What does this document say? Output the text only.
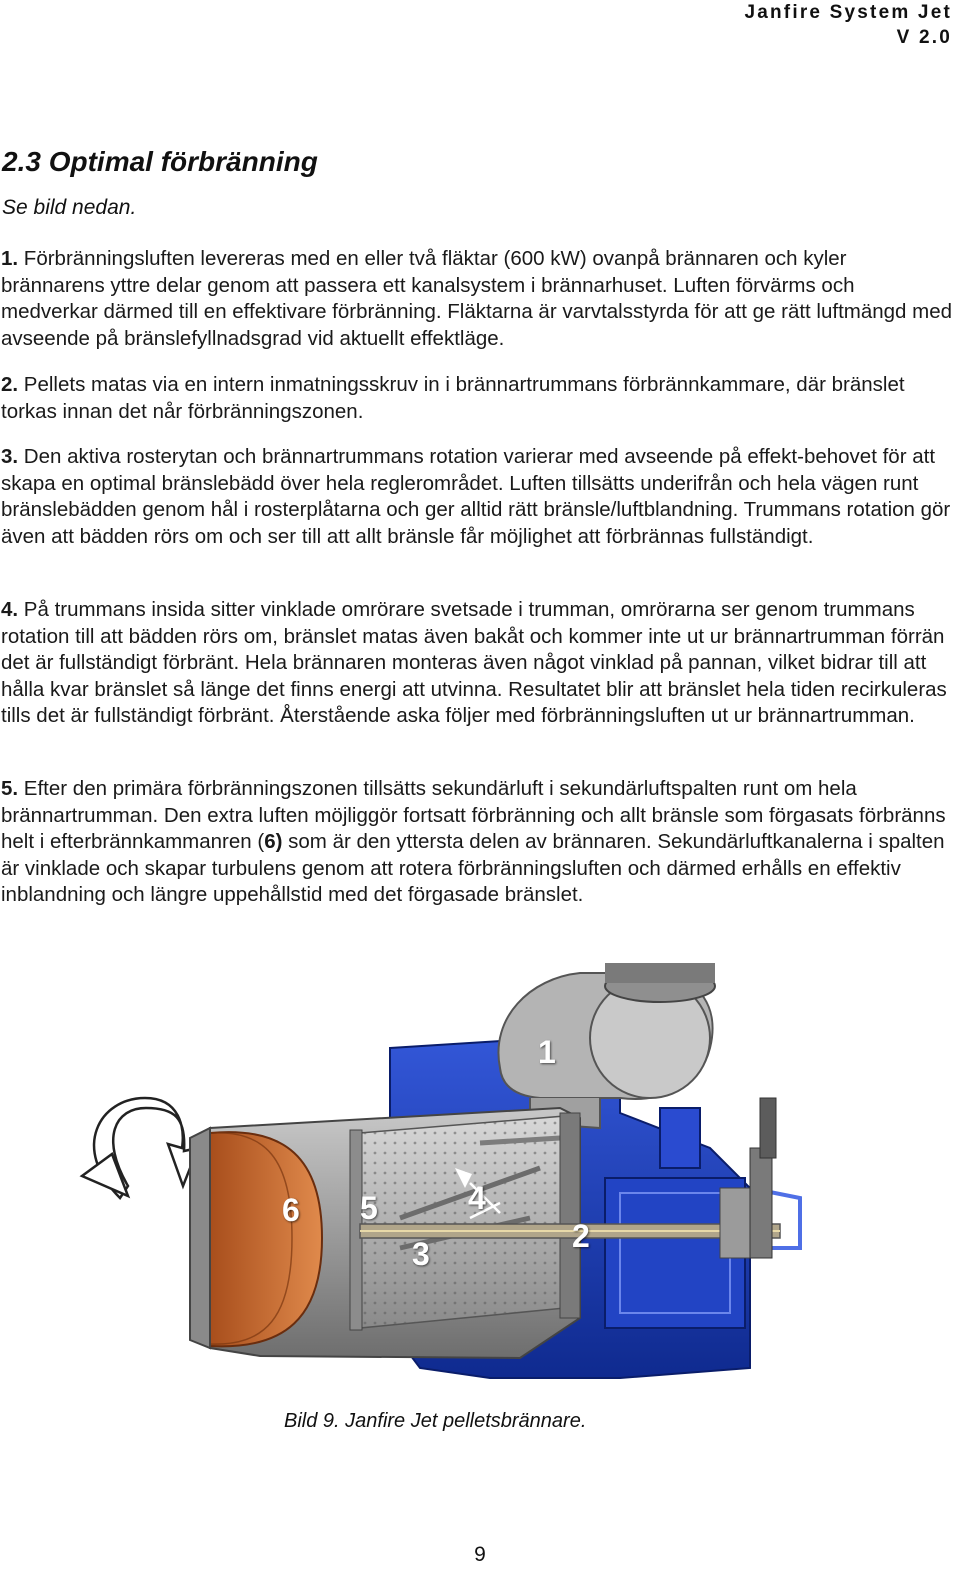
Janfire System Jet
V 2.0
2.3 Optimal förbränning

Se bild nedan.

1. Förbränningsluften levereras med en eller två fläktar (600 kW) ovanpå brännaren och kyler brännarens yttre delar genom att passera ett kanalsystem i brännarhuset. Luften förvärms och medverkar därmed till en effektivare förbränning. Fläktarna är varvtalsstyrda för att ge rätt luftmängd med avseende på bränslefyllnadsgrad vid aktuellt effektläge.

2. Pellets matas via en intern inmatningsskruv in i brännartrummans förbrännkammare, där bränslet torkas innan det når förbränningszonen.

3. Den aktiva rosterytan och brännartrummans rotation varierar med avseende på effekt-behovet för att skapa en optimal bränslebädd över hela reglerområdet. Luften tillsätts underifrån och hela vägen runt bränslebädden genom hål i rosterplåtarna och ger alltid rätt bränsle/luftblandning. Trummans rotation gör även att bädden rörs om och ser till att allt bränsle får möjlighet att förbrännas fullständigt.

4. På trummans insida sitter vinklade omrörare svetsade i trumman, omrörarna ser genom trummans rotation till att bädden rörs om, bränslet matas även bakåt och kommer inte ut ur brännartrumman förrän det är fullständigt förbränt. Hela brännaren monteras även något vinklad på pannan, vilket bidrar till att hålla kvar bränslet så länge det finns energi att utvinna. Resultatet blir att bränslet hela tiden recirkuleras tills det är fullständigt förbränt. Återstående aska följer med förbränningsluften ut ur brännartrumman.

5. Efter den primära förbränningszonen tillsätts sekundärluft i sekundärluftspalten runt om hela brännartrumman. Den extra luften möjliggör fortsatt förbränning och allt bränsle som förgasats förbränns helt i efterbrännkammanren (6) som är den yttersta delen av brännaren. Sekundärluftkanalerna i spalten är vinklade och skapar turbulens genom att rotera förbränningsluften och därmed erhålls en effektiv inblandning och längre uppehållstid med det förgasade bränslet.

1
2
3
4
5
6

Bild 9. Janfire Jet pelletsbrännare.

9
